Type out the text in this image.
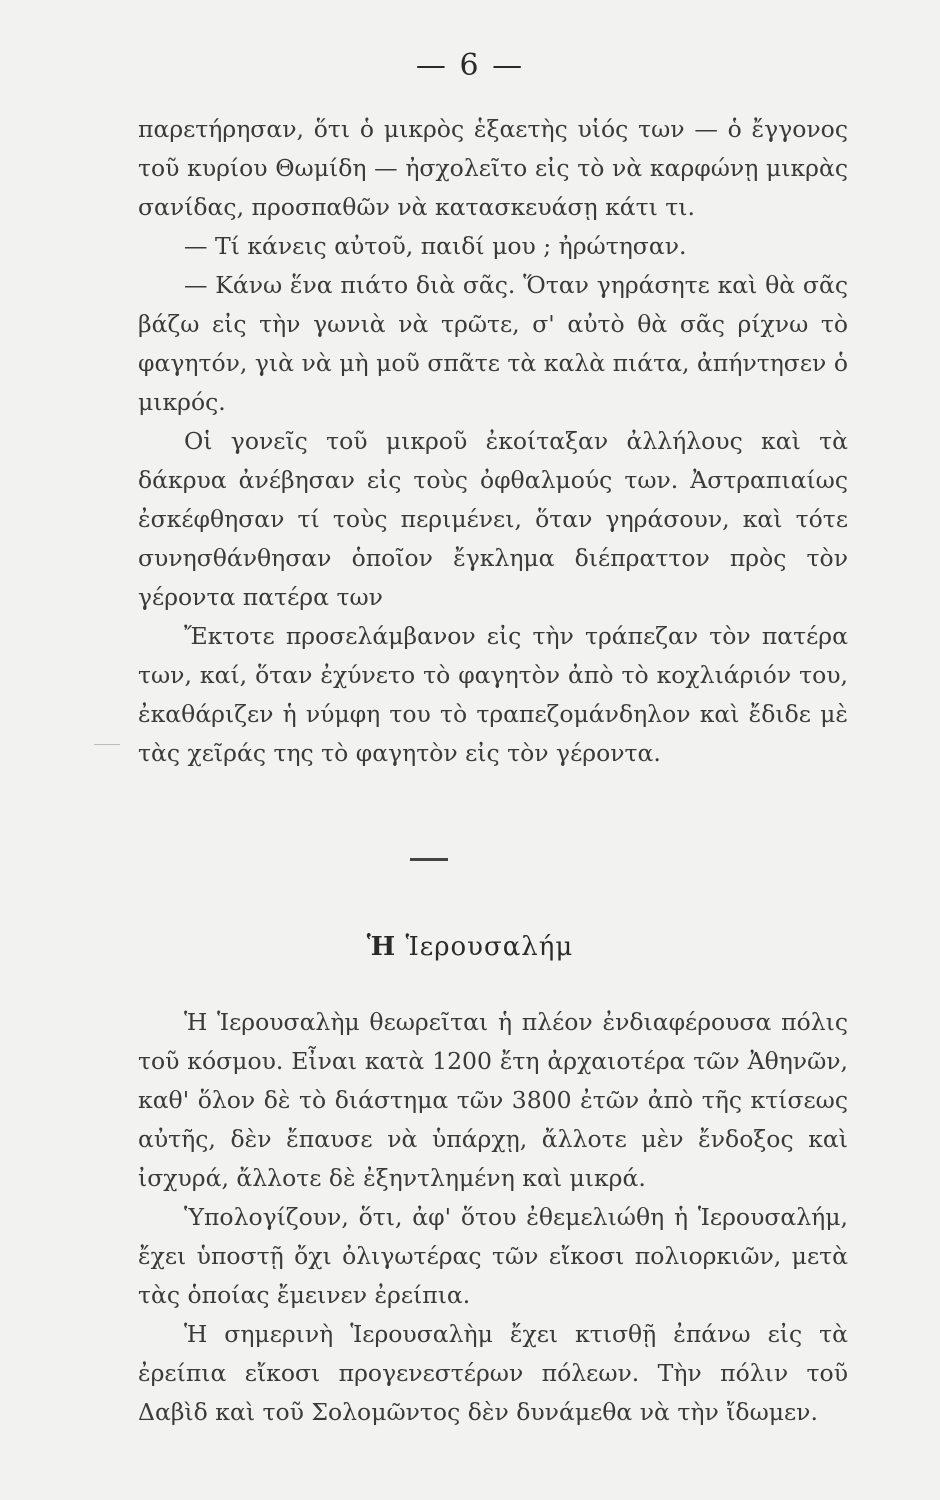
— 6 —

παρετήρησαν, ὅτι ὁ μικρὸς ἑξαετὴς υἱός των — ὁ ἔγγονος τοῦ κυρίου Θωμίδη — ἠσχολεῖτο εἰς τὸ νὰ καρφώνῃ μικρὰς σανίδας, προσπαθῶν νὰ κατασκευάσῃ κάτι τι.

— Τί κάνεις αὐτοῦ, παιδί μου ; ἠρώτησαν.

— Κάνω ἕνα πιάτο διὰ σᾶς. Ὅταν γηράσητε καὶ θὰ σᾶς βάζω εἰς τὴν γωνιὰ νὰ τρῶτε, σ' αὐτὸ θὰ σᾶς ρίχνω τὸ φαγητόν, γιὰ νὰ μὴ μοῦ σπᾶτε τὰ καλὰ πιάτα, ἀπήντησεν ὁ μικρός.

Οἱ γονεῖς τοῦ μικροῦ ἐκοίταξαν ἀλλήλους καὶ τὰ δάκρυα ἀνέβησαν εἰς τοὺς ὀφθαλμούς των. Ἀστραπιαίως ἐσκέφθησαν τί τοὺς περιμένει, ὅταν γηράσουν, καὶ τότε συνησθάνθησαν ὁποῖον ἔγκλημα διέπραττον πρὸς τὸν γέροντα πατέρα των

Ἔκτοτε προσελάμβανον εἰς τὴν τράπεζαν τὸν πατέρα των, καί, ὅταν ἐχύνετο τὸ φαγητὸν ἀπὸ τὸ κοχλιάριόν του, ἐκαθάριζεν ἡ νύμφη του τὸ τραπεζομάνδηλον καὶ ἔδιδε μὲ τὰς χεῖράς της τὸ φαγητὸν εἰς τὸν γέροντα.

Ἡ Ἱερουσαλήμ

Ἡ Ἱερουσαλὴμ θεωρεῖται ἡ πλέον ἐνδιαφέρουσα πόλις τοῦ κόσμου. Εἶναι κατὰ 1200 ἔτη ἀρχαιοτέρα τῶν Ἀθηνῶν, καθ' ὅλον δὲ τὸ διάστημα τῶν 3800 ἐτῶν ἀπὸ τῆς κτίσεως αὐτῆς, δὲν ἔπαυσε νὰ ὑπάρχῃ, ἄλλοτε μὲν ἔνδοξος καὶ ἰσχυρά, ἄλλοτε δὲ ἐξηντλημένη καὶ μικρά.

Ὑπολογίζουν, ὅτι, ἀφ' ὅτου ἐθεμελιώθη ἡ Ἱερουσαλήμ, ἔχει ὑποστῇ ὄχι ὀλιγωτέρας τῶν εἴκοσι πολιορκιῶν, μετὰ τὰς ὁποίας ἔμεινεν ἐρείπια.

Ἡ σημερινὴ Ἱερουσαλὴμ ἔχει κτισθῇ ἐπάνω εἰς τὰ ἐρείπια εἴκοσι προγενεστέρων πόλεων. Τὴν πόλιν τοῦ Δαβὶδ καὶ τοῦ Σολομῶντος δὲν δυνάμεθα νὰ τὴν ἴδωμεν.
